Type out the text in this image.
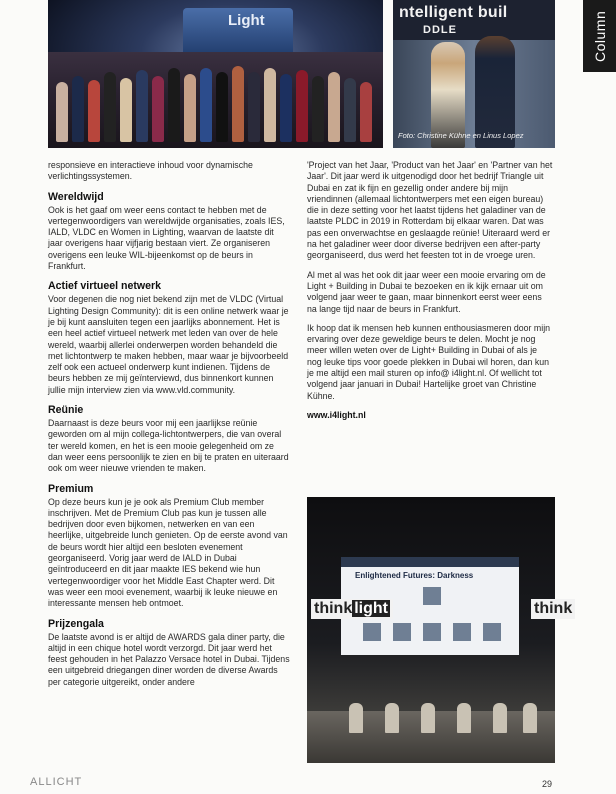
Light	ntelligent buil
DDLE
Foto: Christine Kühne en Linus Lopez
Column

responsieve en interactieve inhoud voor dynamische verlichtingssystemen.

Wereldwijd

Ook is het gaaf om weer eens contact te hebben met de vertegenwoordigers van wereldwijde organisaties, zoals IES, IALD, VLDC en Women in Lighting, waarvan de laatste dit jaar overigens haar vijfjarig bestaan viert. Ze organiseren overigens een leuke WIL-bijeenkomst op de beurs in Frankfurt.

Actief virtueel netwerk

Voor degenen die nog niet bekend zijn met de VLDC (Virtual Lighting Design Community): dit is een online netwerk waar je je bij kunt aansluiten tegen een jaarlijks abonnement. Het is een heel actief virtueel netwerk met leden van over de hele wereld, waarbij allerlei onderwerpen worden behandeld die met lichtontwerp te maken hebben, maar waar je bijvoorbeeld zelf ook een actueel onderwerp kunt indienen. Tijdens de beurs hebben ze mij geïnterviewd, dus binnenkort kunnen jullie mijn interview zien via www.vld.community.

Reünie

Daarnaast is deze beurs voor mij een jaarlijkse reünie geworden om al mijn collega-lichtontwerpers, die van overal ter wereld komen, en het is een mooie gelegenheid om ze dan weer eens persoonlijk te zien en bij te praten en uiteraard ook om weer nieuwe vrienden te maken.

Premium

Op deze beurs kun je je ook als Premium Club member inschrijven. Met de Premium Club pas kun je tussen alle bedrijven door even bijkomen, netwerken en van een heerlijke, uitgebreide lunch genieten. Op de eerste avond van de beurs wordt hier altijd een besloten evenement georganiseerd. Vorig jaar werd de IALD in Dubai geïntroduceerd en dit jaar maakte IES bekend wie hun vertegenwoordiger voor het Middle East Chapter werd. Dit was weer een mooi evenement, waarbij ik leuke nieuwe en interessante mensen heb ontmoet.

Prijzengala

De laatste avond is er altijd de AWARDS gala diner party, die altijd in een chique hotel wordt verzorgd. Dit jaar werd het feest gehouden in het Palazzo Versace hotel in Dubai. Tijdens een uitgebreid driegangen diner worden de diverse Awards per categorie uitgereikt, onder andere

'Project van het Jaar, 'Product van het Jaar' en 'Partner van het Jaar'. Dit jaar werd ik uitgenodigd door het bedrijf Triangle uit Dubai en zat ik fijn en gezellig onder andere bij mijn vriendinnen (allemaal lichtontwerpers met een eigen bureau) die in deze setting voor het laatst tijdens het galadiner van de laatste PLDC in 2019 in Rotterdam bij elkaar waren. Dat was pas een onverwachtse en geslaagde reünie! Uiteraard werd er na het galadiner weer door diverse bedrijven een after-party georganiseerd, dus werd het feesten tot in de vroege uren.

Al met al was het ook dit jaar weer een mooie ervaring om de Light + Building in Dubai te bezoeken en ik kijk ernaar uit om volgend jaar weer te gaan, maar binnenkort eerst weer eens na lange tijd naar de beurs in Frankfurt.

Ik hoop dat ik mensen heb kunnen enthousiasmeren door mijn ervaring over deze geweldige beurs te delen. Mocht je nog meer willen weten over de Light+ Building in Dubai of als je nog leuke tips voor goede plekken in Dubai wil horen, dan kun je me altijd een mail sturen op info@ i4light.nl. Of wellicht tot volgend jaar januari in Dubai! Hartelijke groet van Christine Kühne.

www.i4light.nl

Enlightened Futures: Darkness
think light	think
ALLICHT	29
